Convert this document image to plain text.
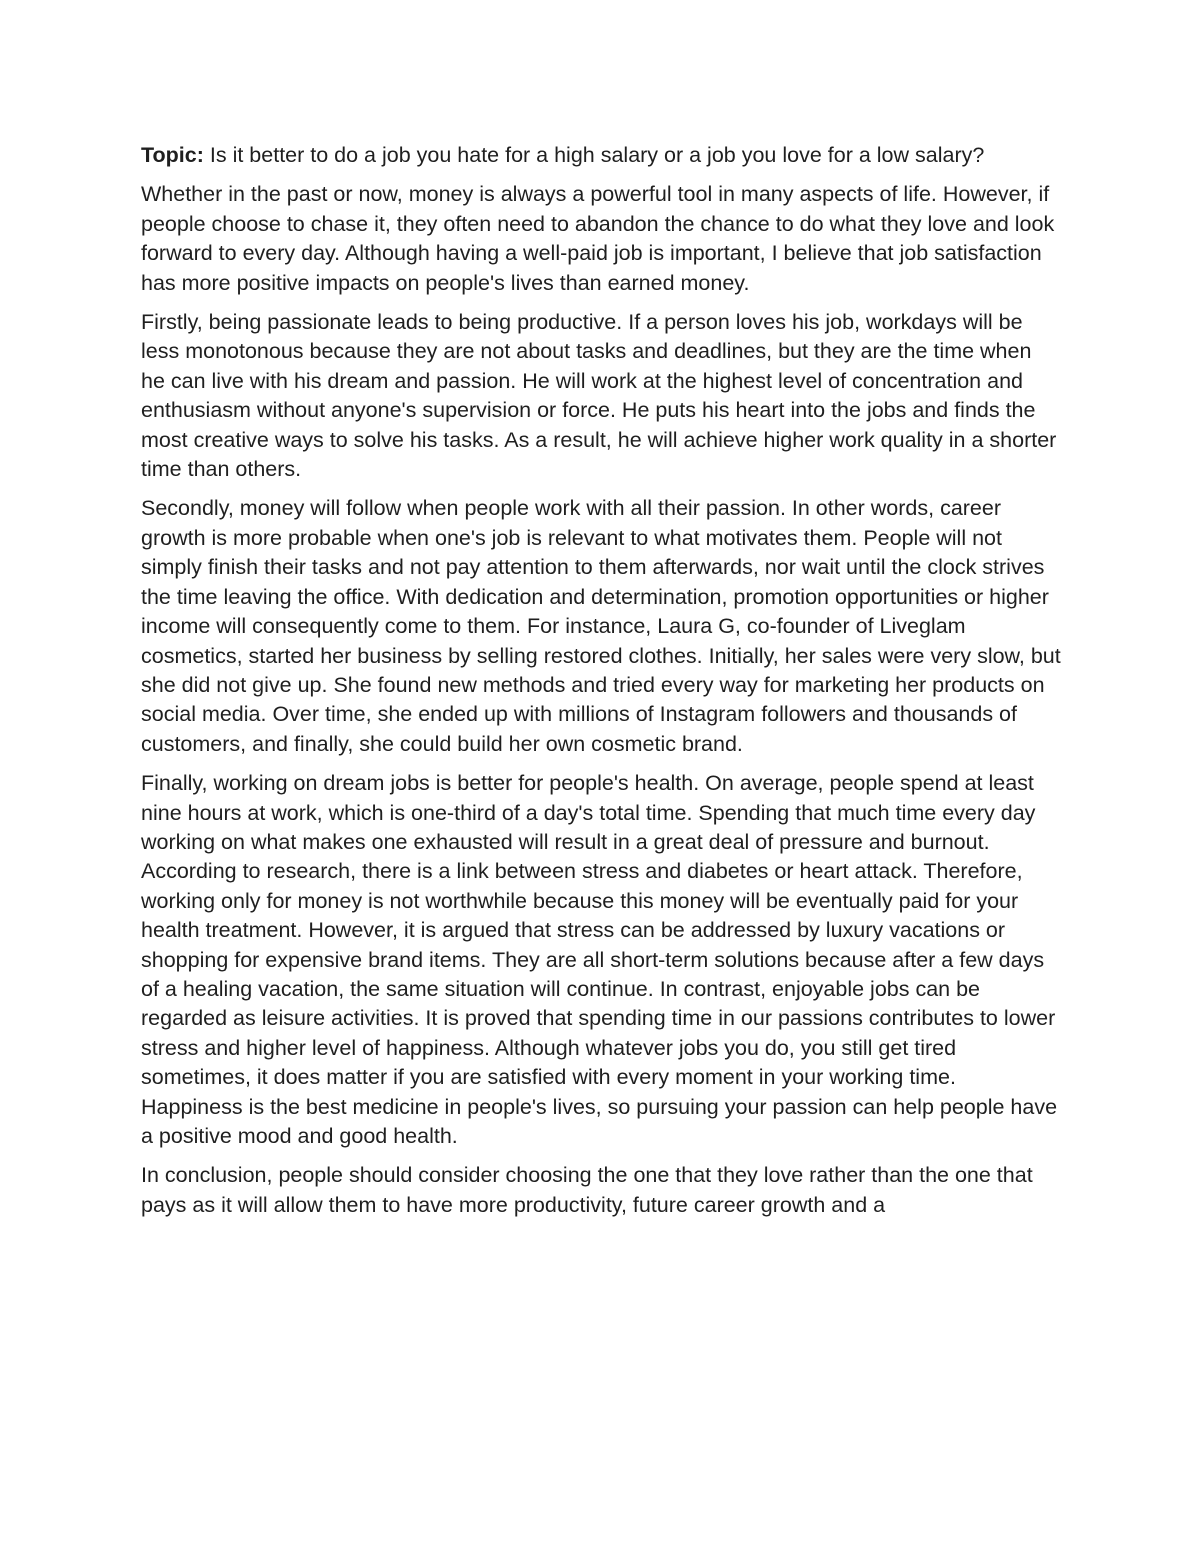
Topic: Is it better to do a job you hate for a high salary or a job you love for a low salary?

Whether in the past or now, money is always a powerful tool in many aspects of life. However, if people choose to chase it, they often need to abandon the chance to do what they love and look forward to every day. Although having a well-paid job is important, I believe that job satisfaction has more positive impacts on people's lives than earned money.

Firstly, being passionate leads to being productive. If a person loves his job, workdays will be less monotonous because they are not about tasks and deadlines, but they are the time when he can live with his dream and passion. He will work at the highest level of concentration and enthusiasm without anyone's supervision or force. He puts his heart into the jobs and finds the most creative ways to solve his tasks. As a result, he will achieve higher work quality in a shorter time than others.

Secondly, money will follow when people work with all their passion. In other words, career growth is more probable when one's job is relevant to what motivates them. People will not simply finish their tasks and not pay attention to them afterwards, nor wait until the clock strives the time leaving the office. With dedication and determination, promotion opportunities or higher income will consequently come to them. For instance, Laura G, co-founder of Liveglam cosmetics, started her business by selling restored clothes. Initially, her sales were very slow, but she did not give up. She found new methods and tried every way for marketing her products on social media. Over time, she ended up with millions of Instagram followers and thousands of customers, and finally, she could build her own cosmetic brand.

Finally, working on dream jobs is better for people's health. On average, people spend at least nine hours at work, which is one-third of a day's total time. Spending that much time every day working on what makes one exhausted will result in a great deal of pressure and burnout. According to research, there is a link between stress and diabetes or heart attack. Therefore, working only for money is not worthwhile because this money will be eventually paid for your health treatment. However, it is argued that stress can be addressed by luxury vacations or shopping for expensive brand items. They are all short-term solutions because after a few days of a healing vacation, the same situation will continue. In contrast, enjoyable jobs can be regarded as leisure activities. It is proved that spending time in our passions contributes to lower stress and higher level of happiness. Although whatever jobs you do, you still get tired sometimes, it does matter if you are satisfied with every moment in your working time. Happiness is the best medicine in people's lives, so pursuing your passion can help people have a positive mood and good health.

In conclusion, people should consider choosing the one that they love rather than the one that pays as it will allow them to have more productivity, future career growth and a
